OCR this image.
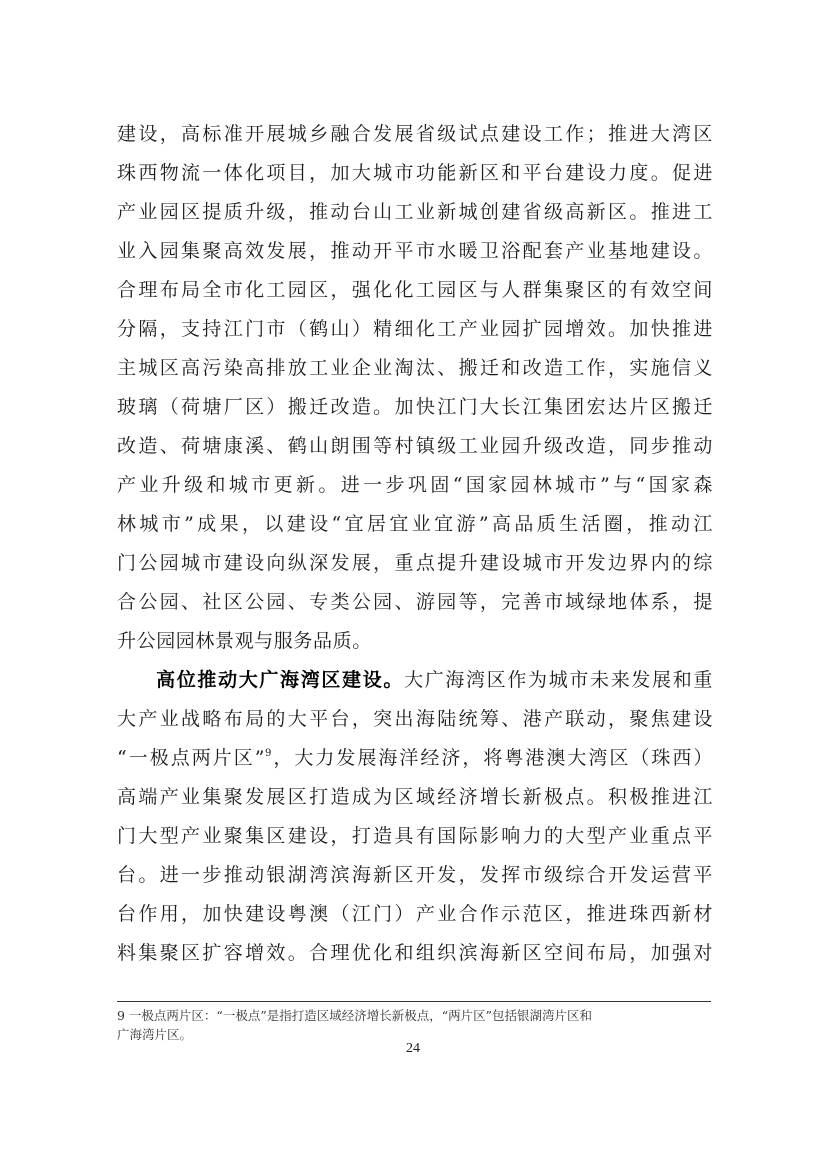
建设，高标准开展城乡融合发展省级试点建设工作；推进大湾区
珠西物流一体化项目，加大城市功能新区和平台建设力度。促进
产业园区提质升级，推动台山工业新城创建省级高新区。推进工
业入园集聚高效发展，推动开平市水暖卫浴配套产业基地建设。
合理布局全市化工园区，强化化工园区与人群集聚区的有效空间
分隔，支持江门市（鹤山）精细化工产业园扩园增效。加快推进
主城区高污染高排放工业企业淘汰、搬迁和改造工作，实施信义
玻璃（荷塘厂区）搬迁改造。加快江门大长江集团宏达片区搬迁
改造、荷塘康溪、鹤山朗围等村镇级工业园升级改造，同步推动
产业升级和城市更新。进一步巩固“国家园林城市”与“国家森
林城市”成果，以建设“宜居宜业宜游”高品质生活圈，推动江
门公园城市建设向纵深发展，重点提升建设城市开发边界内的综
合公园、社区公园、专类公园、游园等，完善市域绿地体系，提
升公园园林景观与服务品质。
高位推动大广海湾区建设。大广海湾区作为城市未来发展和重
大产业战略布局的大平台，突出海陆统筹、港产联动，聚焦建设
“一极点两片区”$^9$，大力发展海洋经济，将粤港澳大湾区（珠西）
高端产业集聚发展区打造成为区域经济增长新极点。积极推进江
门大型产业聚集区建设，打造具有国际影响力的大型产业重点平
台。进一步推动银湖湾滨海新区开发，发挥市级综合开发运营平
台作用，加快建设粤澳（江门）产业合作示范区，推进珠西新材
料集聚区扩容增效。合理优化和组织滨海新区空间布局，加强对
9 一极点两片区：“一极点”是指打造区域经济增长新极点，“两片区”包括银湖湾片区和
广海湾片区。
24
